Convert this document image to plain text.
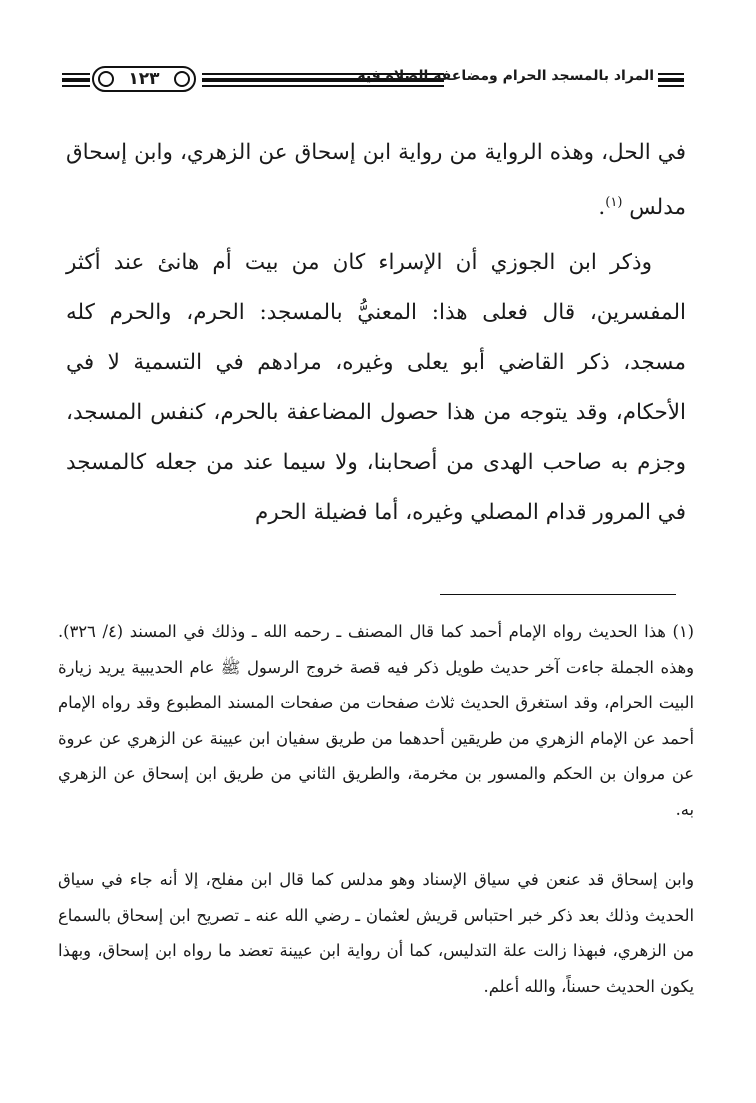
١٢٣	المراد بالمسجد الحرام ومضاعفة الصلاة فيه

في الحل، وهذه الرواية من رواية ابن إسحاق عن الزهري، وابن إسحاق مدلس $^{(١)}$.

وذكر ابن الجوزي أن الإسراء كان من بيت أم هانئ عند أكثر المفسرين، قال فعلى هذا: المعنيُّ بالمسجد: الحرم، والحرم كله مسجد، ذكر القاضي أبو يعلى وغيره، مرادهم في التسمية لا في الأحكام، وقد يتوجه من هذا حصول المضاعفة بالحرم، كنفس المسجد، وجزم به صاحب الهدى من أصحابنا، ولا سيما عند من جعله كالمسجد في المرور قدام المصلي وغيره، أما فضيلة الحرم

(١) هذا الحديث رواه الإمام أحمد كما قال المصنف ـ رحمه الله ـ وذلك في المسند (٤/ ٣٢٦). وهذه الجملة جاءت آخر حديث طويل ذكر فيه قصة خروج الرسول ﷺ عام الحديبية يريد زيارة البيت الحرام، وقد استغرق الحديث ثلاث صفحات من صفحات المسند المطبوع وقد رواه الإمام أحمد عن الإمام الزهري من طريقين أحدهما من طريق سفيان ابن عيينة عن الزهري عن عروة عن مروان بن الحكم والمسور بن مخرمة، والطريق الثاني من طريق ابن إسحاق عن الزهري به.

وابن إسحاق قد عنعن في سياق الإسناد وهو مدلس كما قال ابن مفلح، إلا أنه جاء في سياق الحديث وذلك بعد ذكر خبر احتباس قريش لعثمان ـ رضي الله عنه ـ تصريح ابن إسحاق بالسماع من الزهري، فبهذا زالت علة التدليس، كما أن رواية ابن عيينة تعضد ما رواه ابن إسحاق، وبهذا يكون الحديث حسناً، والله أعلم.
